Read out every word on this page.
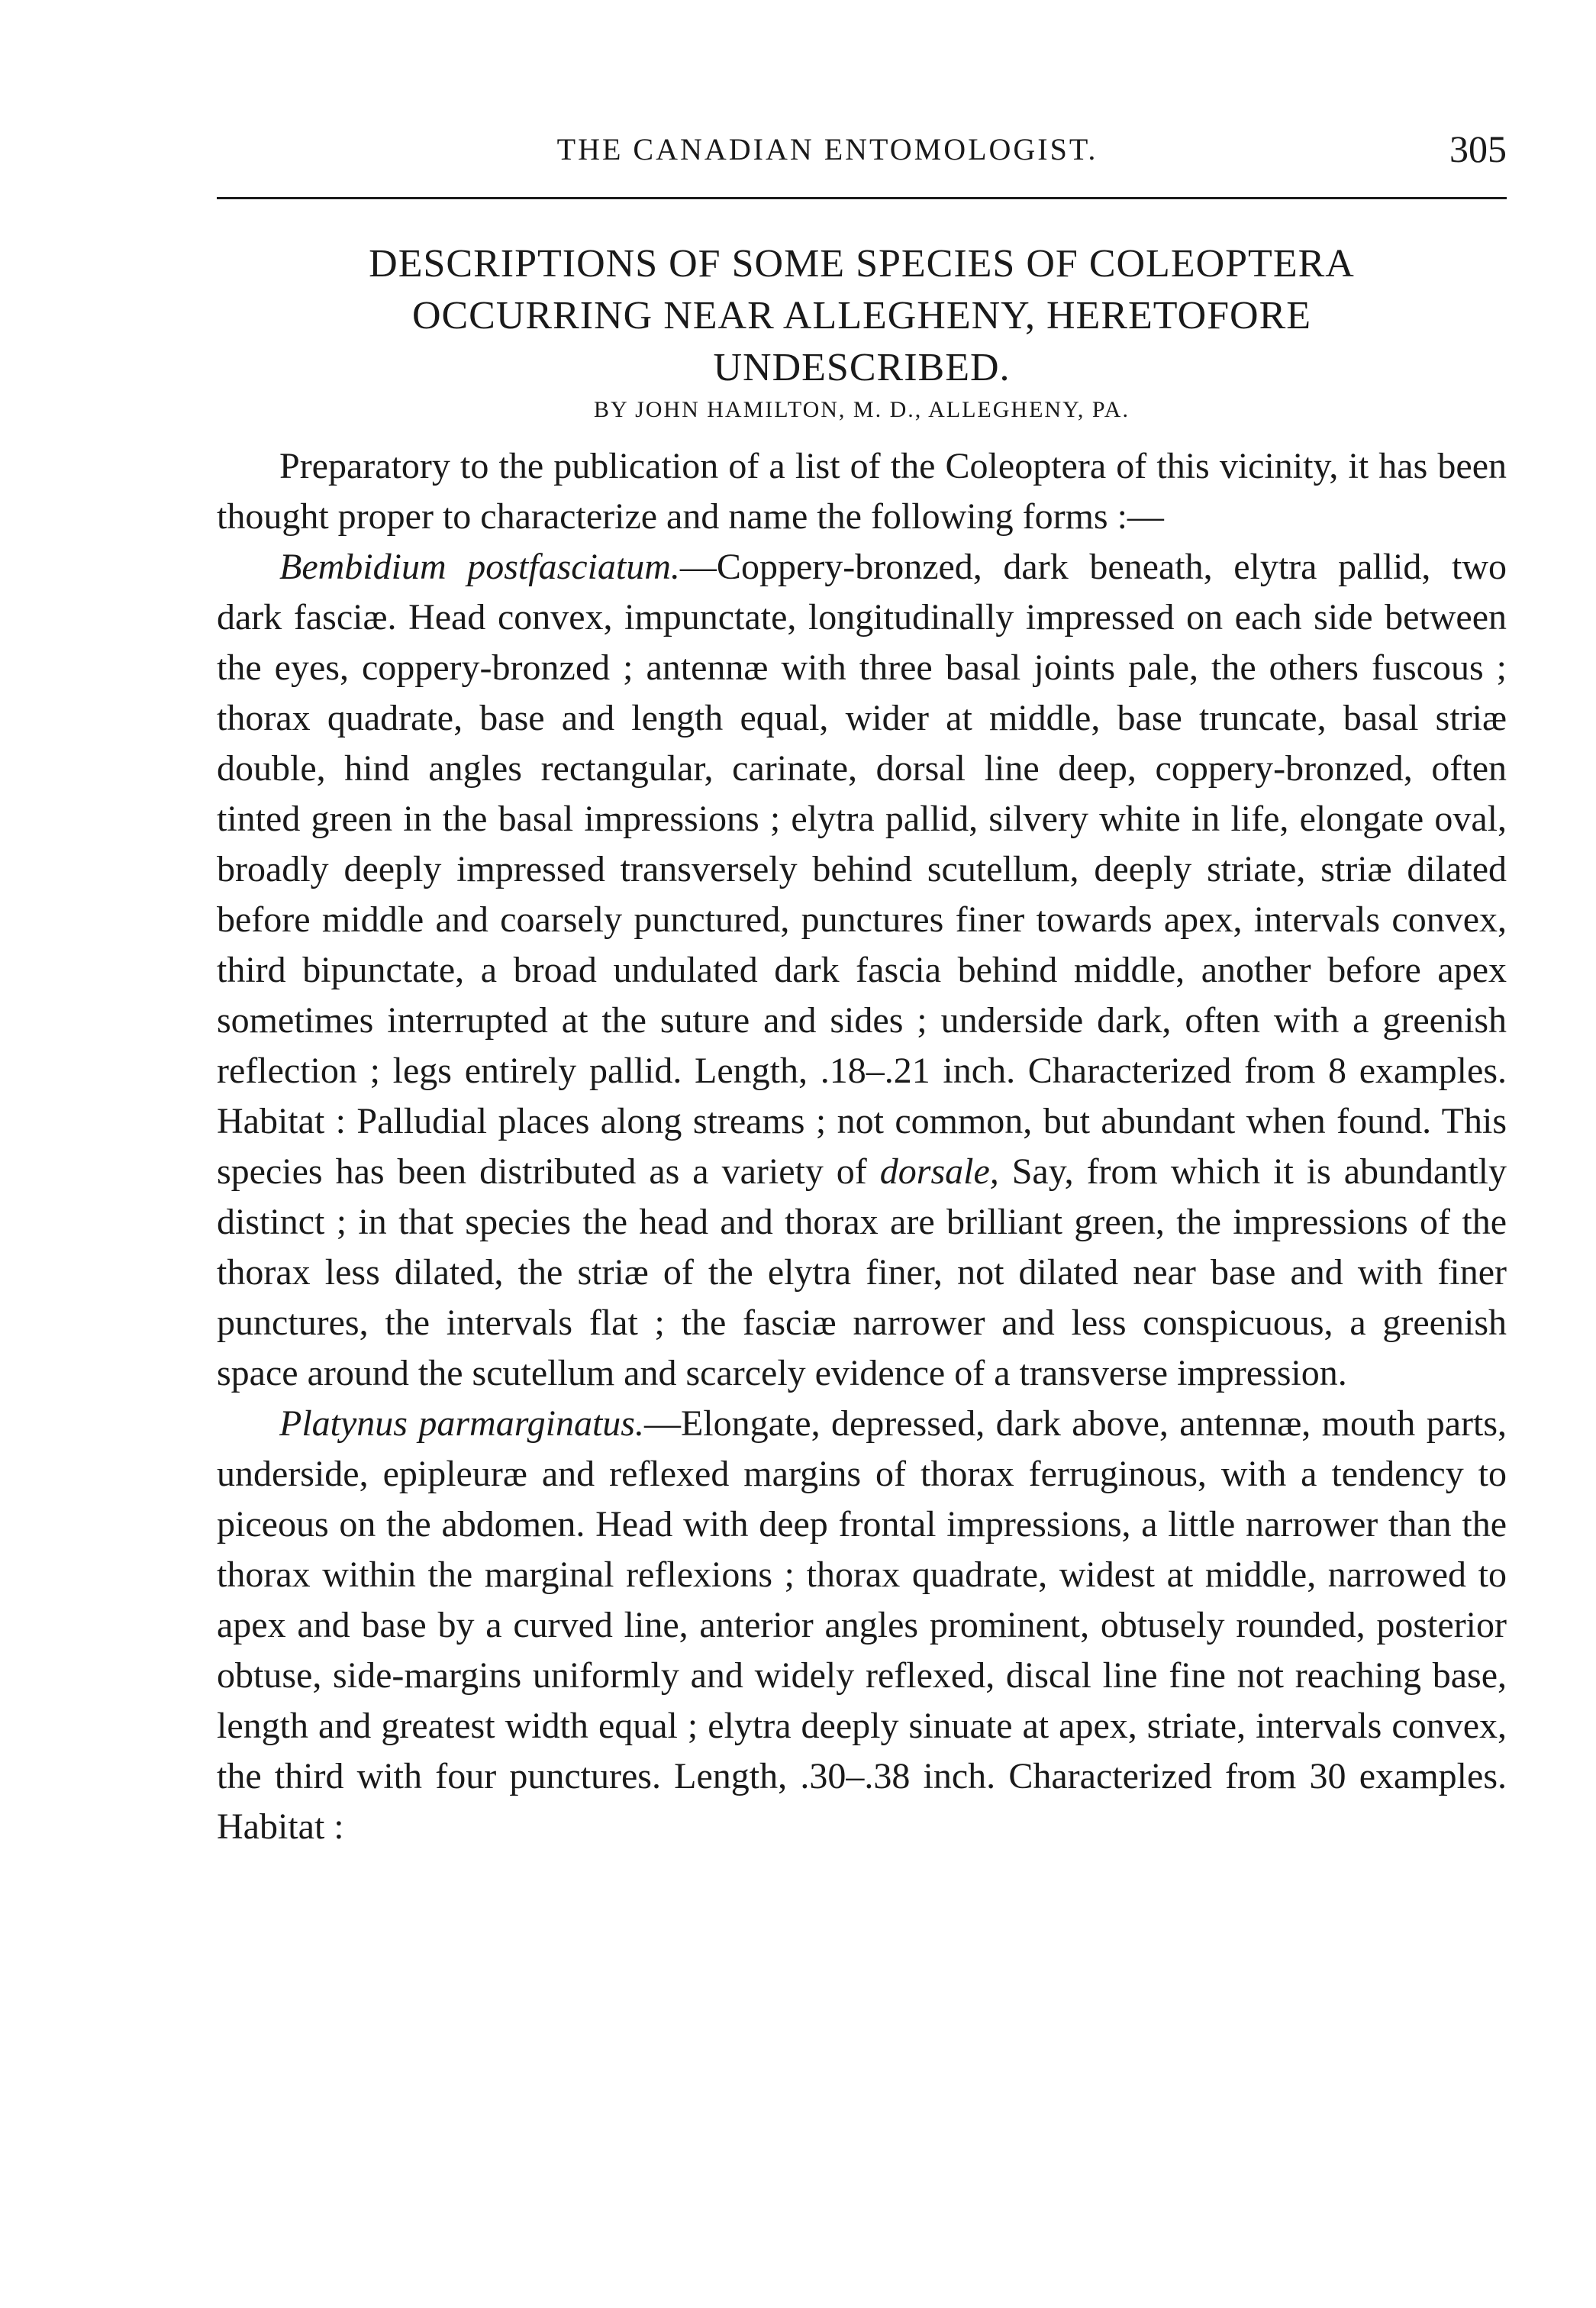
THE CANADIAN ENTOMOLOGIST.	305
DESCRIPTIONS OF SOME SPECIES OF COLEOPTERA
OCCURRING NEAR ALLEGHENY, HERETOFORE
UNDESCRIBED.
BY JOHN HAMILTON, M. D., ALLEGHENY, PA.

Preparatory to the publication of a list of the Coleoptera of this vicinity, it has been thought proper to characterize and name the following forms :—

Bembidium postfasciatum.—Coppery-bronzed, dark beneath, elytra pallid, two dark fasciæ. Head convex, impunctate, longitudinally impressed on each side between the eyes, coppery-bronzed ; antennæ with three basal joints pale, the others fuscous ; thorax quadrate, base and length equal, wider at middle, base truncate, basal striæ double, hind angles rectangular, carinate, dorsal line deep, coppery-bronzed, often tinted green in the basal impressions ; elytra pallid, silvery white in life, elongate oval, broadly deeply impressed transversely behind scutellum, deeply striate, striæ dilated before middle and coarsely punctured, punctures finer towards apex, intervals convex, third bipunctate, a broad undulated dark fascia behind middle, another before apex sometimes interrupted at the suture and sides ; underside dark, often with a greenish reflection ; legs entirely pallid. Length, .18–.21 inch. Characterized from 8 examples. Habitat : Palludial places along streams ; not common, but abundant when found. This species has been distributed as a variety of dorsale, Say, from which it is abundantly distinct ; in that species the head and thorax are brilliant green, the impressions of the thorax less dilated, the striæ of the elytra finer, not dilated near base and with finer punctures, the intervals flat ; the fasciæ narrower and less conspicuous, a greenish space around the scutellum and scarcely evidence of a transverse impression.

Platynus parmarginatus.—Elongate, depressed, dark above, antennæ, mouth parts, underside, epipleuræ and reflexed margins of thorax ferruginous, with a tendency to piceous on the abdomen. Head with deep frontal impressions, a little narrower than the thorax within the marginal reflexions ; thorax quadrate, widest at middle, narrowed to apex and base by a curved line, anterior angles prominent, obtusely rounded, posterior obtuse, side-margins uniformly and widely reflexed, discal line fine not reaching base, length and greatest width equal ; elytra deeply sinuate at apex, striate, intervals convex, the third with four punctures. Length, .30–.38 inch. Characterized from 30 examples. Habitat :
